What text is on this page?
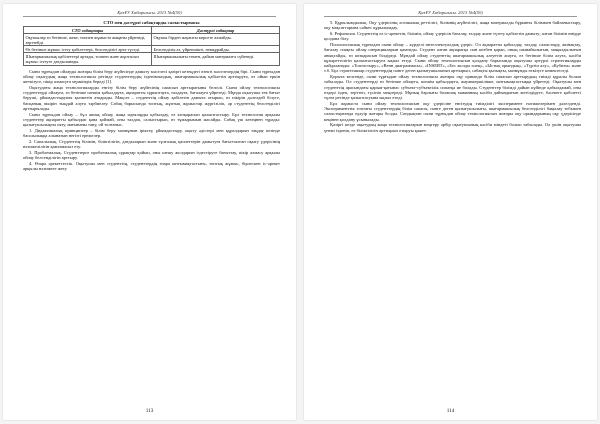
ҚазҰУ Хабаршысы. 2013 №4(50)
СТО мен дәстүрлі сабақтарды салыстырмасы
СТО сабақтары	Дәстүрлі сабақтар
Оқушылар өз бетінше, жеке, топпен жұмыста жаңаны үйренеді, зерттейді.	Оқушы бірден жауапты көрсете алмайды.
Өз бетінше жұмыс істеу қабілеттері, белсенділігі арта түседі.	Белсенділік аз, үйреншікті, немқұрайды.
Шығармашылық қабілеттері артады, топпен және жұптасып жұмыс істеуге дағдыланады.	Шығармашылығы төмен, дайын материалға сүйенеді.

Сыни тұрғыдан ойлауды жоғары білім беру жүйесінде дамыту мәселесі қазіргі кезеңдегі өзекті мәселелердің бірі. Сыни тұрғыдан ойлау оқытудың жаңа технологиясы ретінде студенттердің ізденімпаздық, шығармашылық қабілетін арттыруға, өз ойын еркін жеткізуге, пікір алмасуға мүмкіндік береді [1].

Оқытудағы жаңа технологияларды енгізу білім беру жүйесінің сапасын арттыратыны белгілі. Сыни ойлау технологиясы студенттерді ойлауға, өз бетінше шешім қабылдауға, ақпаратты сұрыптауға, талдауға, бағалауға үйретеді. Мұнда оқытушы тек бағыт беруші, ұйымдастырушы қызметін атқарады. Мақсат – студенттің ойлау қабілетін дамыта отырып, өз пікірін дәлелдей білуге, басқаның пікірін тыңдай алуға тәрбиелеу. Сабақ барысында топтық, жұптық жұмыстар жүргізіліп, әр студенттің белсенділігі арттырылады.

Сыни тұрғыдан ойлау – бұл ашық ойлау, жаңа идеяларды қабылдау, өз көзқарасын қалыптастыру. Бұл технология арқылы студенттер ақпаратты қабылдап қана қоймай, оны талдап, салыстырып, өз тұжырымын жасайды. Сабақ үш кезеңнен тұрады: қызығушылықты ояту, мағынаны тану, ой толғаныс.

1. Дидактикалық принциптер – білім беру мазмұнын іріктеу, ұйымдастыру, оқыту әдістері мен құралдарын таңдау кезінде басшылыққа алынатын негізгі ережелер.

2. Сапалылық. Студенттің білімін, біліктілігін, дағдыларын және тұлғалық қасиеттерін дамытуға бағытталған оқыту үдерісінің нәтижелілігін қамтамасыз ету.

3. Проблемалық. Студенттерге проблемалық сұрақтар қойып, оны шешу жолдарын іздестіруге бағыттау, пікір алмасу арқылы ойлау белсенділігін арттыру.

4. Өзара әрекеттестік. Оқытушы мен студенттің, студенттердің өзара ынтымақтастығы, топтық жұмыс, бірлескен іс-әрекет арқылы нәтижеге жету.

113
ҚазҰУ Хабаршысы. 2013 №4(50)

5. Құрылымдылық. Оқу үдерісінің логикалық реттілігі, білімнің жүйелілігі, жаңа материалды бұрынғы біліммен байланыстыру, оқу мақсаттарына сәйкес құрылымдау.

6. Рефлексия. Студенттің өз іс-әрекетін, білімін, ойлау үдерісін бағалау, талдау және түзету қабілетін дамыту; алған білімін өмірде қолдана білу.

Психологиялық тұрғыдан сыни ойлау – күрделі интеллектуалдық үдеріс. Ол ақпаратты қабылдау, талдау, салыстыру, жинақтау, бағалау сияқты ойлау операцияларын қамтиды. Студент алған ақпаратқа сын көзбен қарап, оның шынайылығын, маңыздылығын анықтайды, өз көзқарасын білдіреді. Мұндай ойлау студенттің шығармашылық әлеуетін ашуға, өз бетінше білім алуға, кәсіби құзыреттілігін қалыптастыруға ықпал етеді. Сыни ойлау технологиясын қолдану барысында оқытушы әртүрлі стратегияларды пайдаланады: «Топтастыру», «Венн диаграммасы», «INSERT», «Бес жолды өлең», «Ыстық орындық», «Түртіп алу», «Кубизм» және т.б. Бұл стратегиялар студенттердің пәнге деген қызығушылығын арттырып, сабақты қызықты, мазмұнды өткізуге көмектеседі.

Қорыта келгенде, сыни тұрғыдан ойлау технологиясы жоғары оқу орнында білім сапасын арттырудың тиімді құралы болып табылады. Ол студенттерді өз бетінше ойлауға, шешім қабылдауға, жауапкершілікке, ынтымақтастыққа үйретеді. Оқытушы мен студенттің арасындағы қарым-қатынас субъект-субъектілік сипатқа ие болады. Студенттер білімді дайын күйінде қабылдамай, оны өздері іздеп, зерттеп, түсініп меңгереді. Мұның барлығы болашақ маманның кәсіби дайындығын жетілдіруге, бәсекеге қабілетті тұлға ретінде қалыптасуына ықпал етеді.

Бұл жұмыста сыни ойлау технологиясын оқу үдерісіне енгізудің тиімділігі эксперимент нәтижелерімен дәлелденді. Эксперименттік топтағы студенттердің білім сапасы, пәнге деген қызығушылығы, шығармашылық белсенділігі бақылау тобымен салыстырғанда едәуір жоғары болды. Сондықтан сыни тұрғыдан ойлау технологиясын жоғары оқу орындарының оқу үдерісінде кеңінен қолдану ұсынылады.

Қазіргі кезде оқытудың жаңа технологияларын меңгеру әрбір оқытушының кәсіби міндеті болып табылады. Ол үшін оқытушы үнемі ізденіп, өз біліктілігін арттырып отыруы қажет.

114
